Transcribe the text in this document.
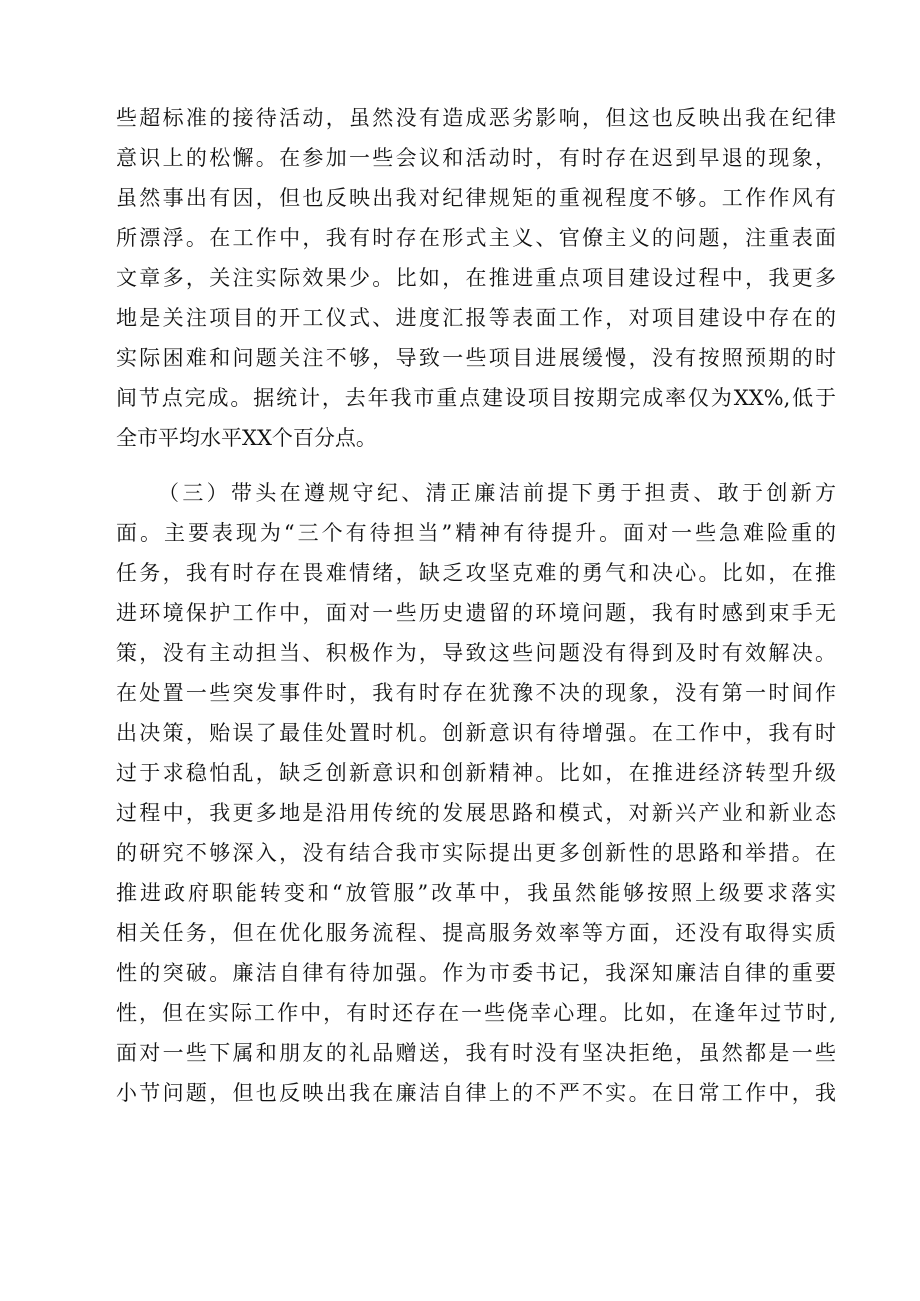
些超标准的接待活动，虽然没有造成恶劣影响，但这也反映出我在纪律
意识上的松懈。在参加一些会议和活动时，有时存在迟到早退的现象，
虽然事出有因，但也反映出我对纪律规矩的重视程度不够。工作作风有
所漂浮。在工作中，我有时存在形式主义、官僚主义的问题，注重表面
文章多，关注实际效果少。比如，在推进重点项目建设过程中，我更多
地是关注项目的开工仪式、进度汇报等表面工作，对项目建设中存在的
实际困难和问题关注不够，导致一些项目进展缓慢，没有按照预期的时
间节点完成。据统计，去年我市重点建设项目按期完成率仅为XX%,低于
全市平均水平XX个百分点。
（三）带头在遵规守纪、清正廉洁前提下勇于担责、敢于创新方
面。主要表现为“三个有待担当”精神有待提升。面对一些急难险重的
任务，我有时存在畏难情绪，缺乏攻坚克难的勇气和决心。比如，在推
进环境保护工作中，面对一些历史遗留的环境问题，我有时感到束手无
策，没有主动担当、积极作为，导致这些问题没有得到及时有效解决。
在处置一些突发事件时，我有时存在犹豫不决的现象，没有第一时间作
出决策，贻误了最佳处置时机。创新意识有待增强。在工作中，我有时
过于求稳怕乱，缺乏创新意识和创新精神。比如，在推进经济转型升级
过程中，我更多地是沿用传统的发展思路和模式，对新兴产业和新业态
的研究不够深入，没有结合我市实际提出更多创新性的思路和举措。在
推进政府职能转变和“放管服”改革中，我虽然能够按照上级要求落实
相关任务，但在优化服务流程、提高服务效率等方面，还没有取得实质
性的突破。廉洁自律有待加强。作为市委书记，我深知廉洁自律的重要
性，但在实际工作中，有时还存在一些侥幸心理。比如，在逢年过节时,
面对一些下属和朋友的礼品赠送，我有时没有坚决拒绝，虽然都是一些
小节问题，但也反映出我在廉洁自律上的不严不实。在日常工作中，我
